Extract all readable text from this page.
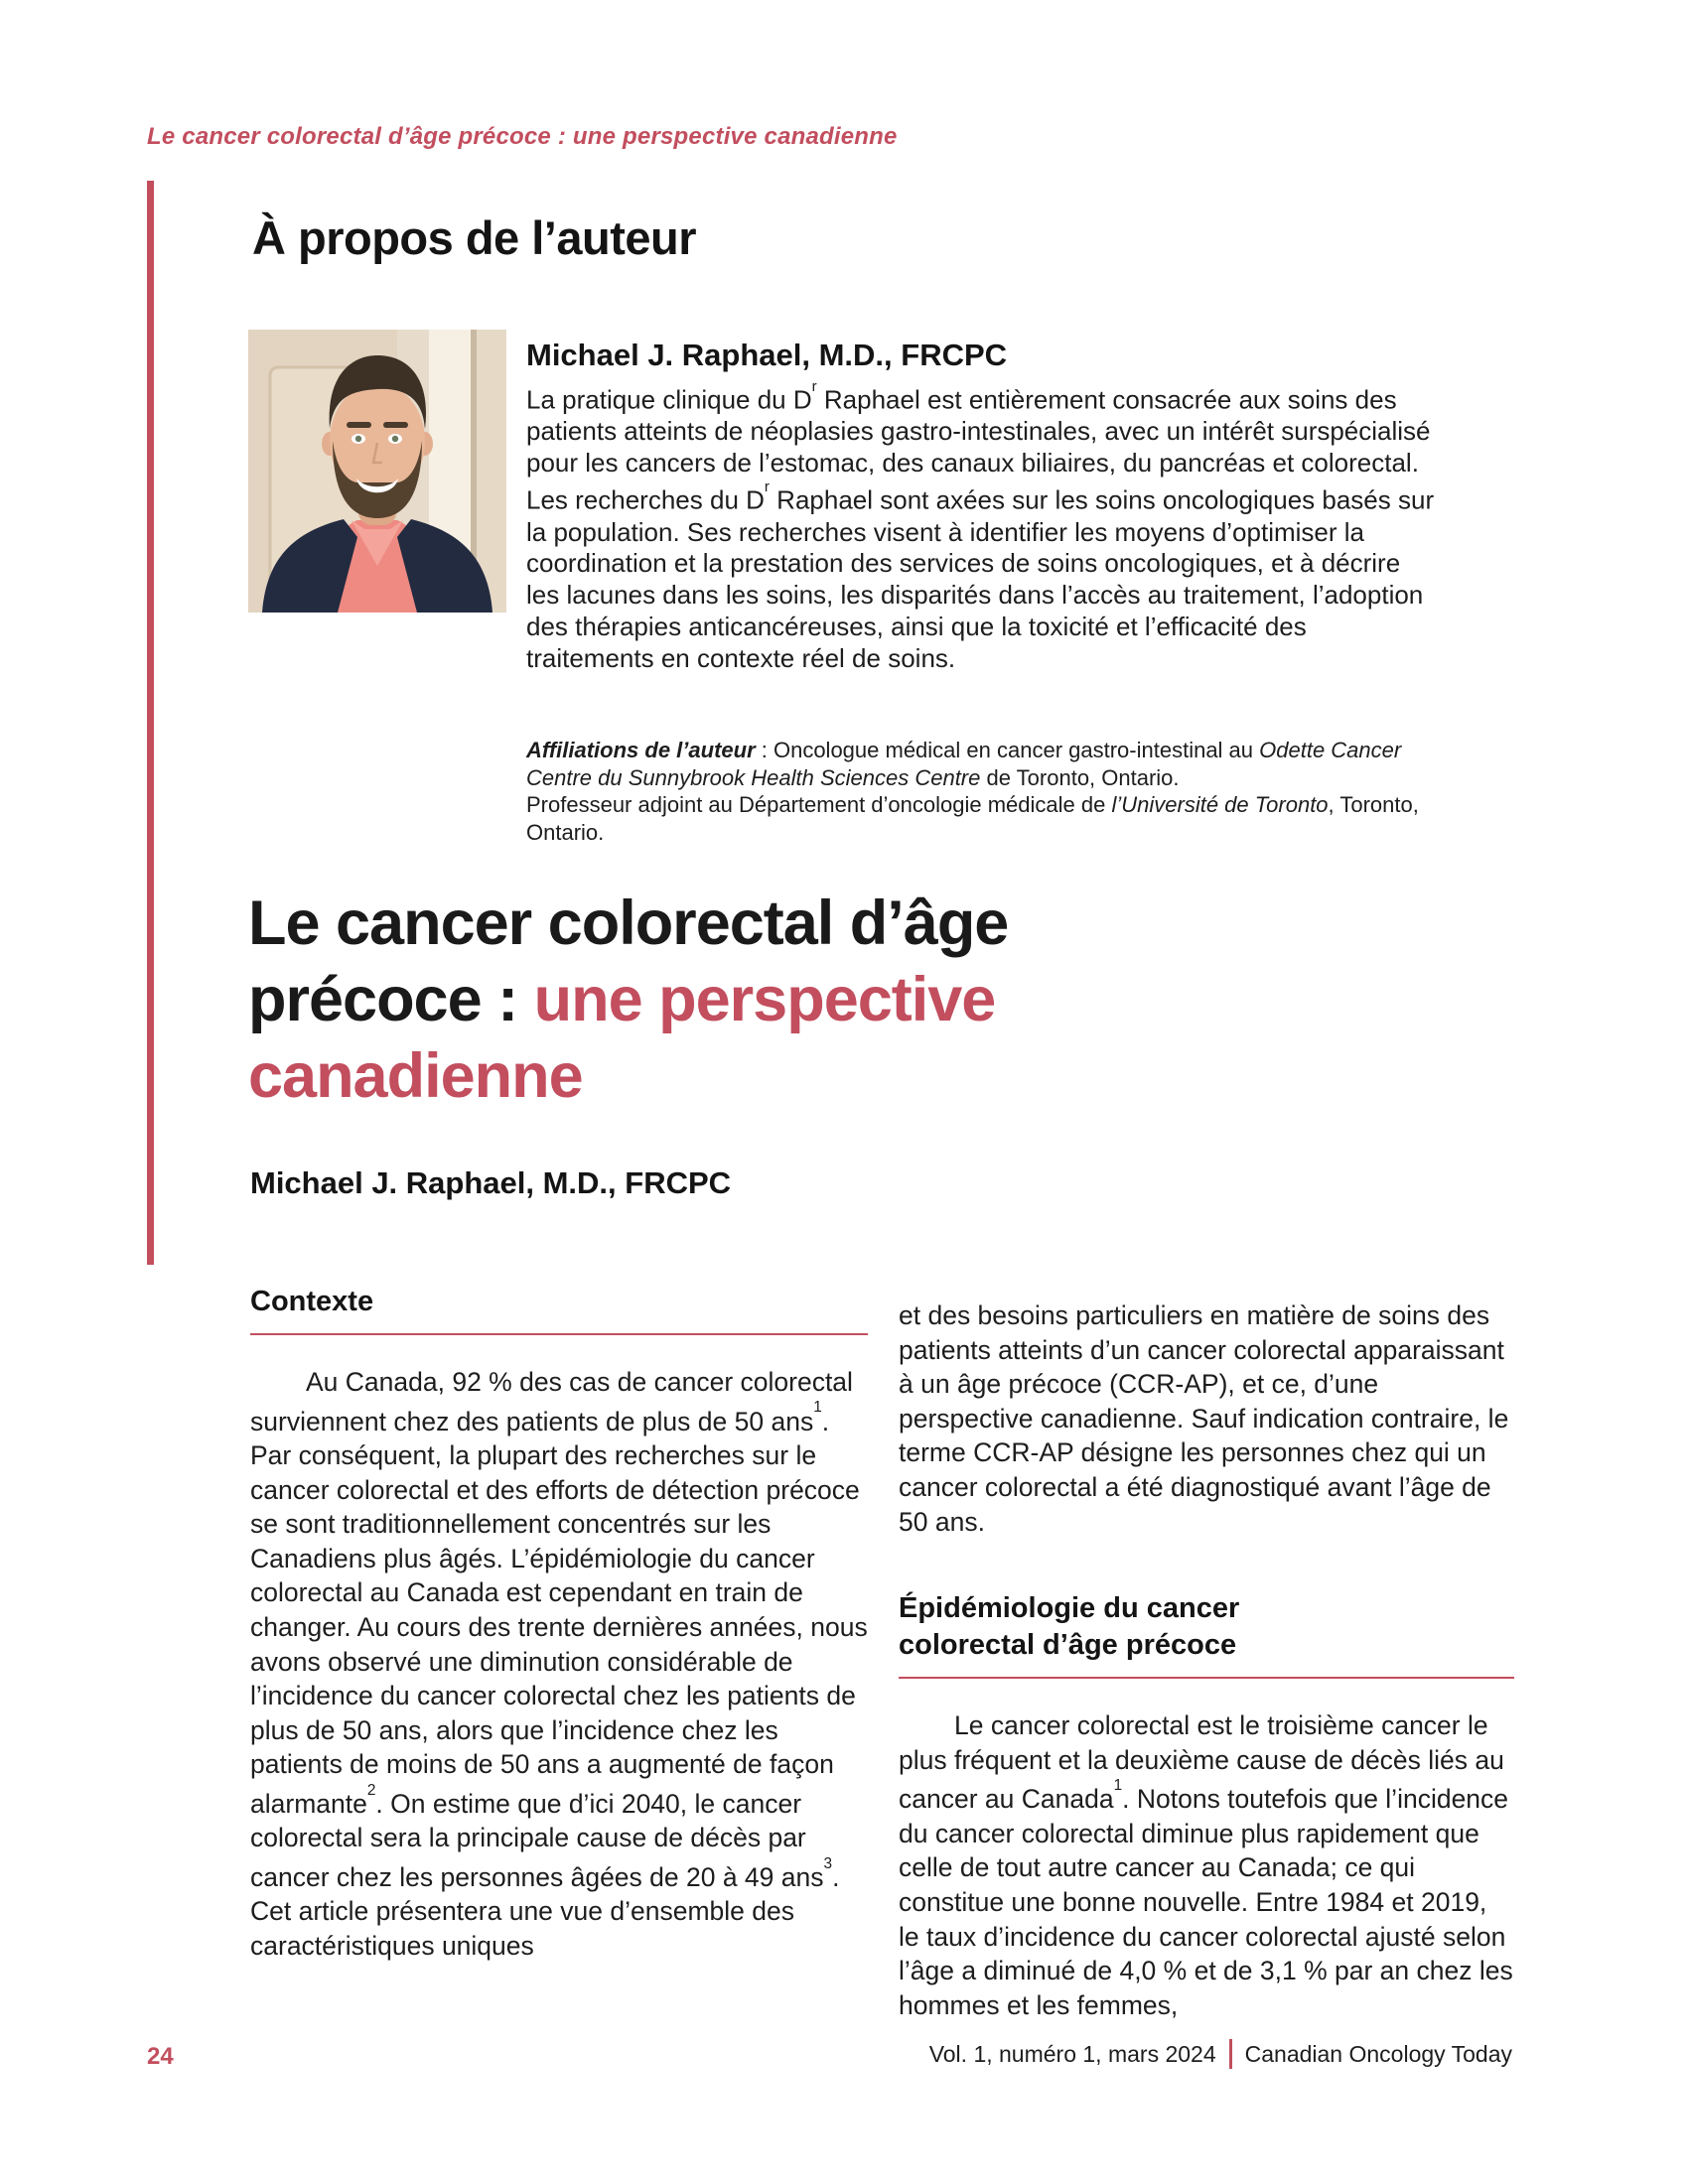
Le cancer colorectal d’âge précoce : une perspective canadienne
À propos de l’auteur
Michael J. Raphael, M.D., FRCPC

La pratique clinique du $D^r$ Raphael est entièrement consacrée aux soins des patients atteints de néoplasies gastro-intestinales, avec un intérêt surspécialisé pour les cancers de l’estomac, des canaux biliaires, du pancréas et colorectal. Les recherches du $D^r$ Raphael sont axées sur les soins oncologiques basés sur la population. Ses recherches visent à identifier les moyens d’optimiser la coordination et la prestation des services de soins oncologiques, et à décrire les lacunes dans les soins, les disparités dans l’accès au traitement, l’adoption des thérapies anticancéreuses, ainsi que la toxicité et l’efficacité des traitements en contexte réel de soins.

Affiliations de l’auteur : Oncologue médical en cancer gastro-intestinal au Odette Cancer Centre du Sunnybrook Health Sciences Centre de Toronto, Ontario.
Professeur adjoint au Département d’oncologie médicale de l’Université de Toronto, Toronto, Ontario.

Le cancer colorectal d’âge précoce : une perspective canadienne
Michael J. Raphael, M.D., FRCPC
Contexte

Au Canada, 92 % des cas de cancer colorectal surviennent chez des patients de plus de 50 ans$^1$. Par conséquent, la plupart des recherches sur le cancer colorectal et des efforts de détection précoce se sont traditionnellement concentrés sur les Canadiens plus âgés. L’épidémiologie du cancer colorectal au Canada est cependant en train de changer. Au cours des trente dernières années, nous avons observé une diminution considérable de l’incidence du cancer colorectal chez les patients de plus de 50 ans, alors que l’incidence chez les patients de moins de 50 ans a augmenté de façon alarmante$^2$. On estime que d’ici 2040, le cancer colorectal sera la principale cause de décès par cancer chez les personnes âgées de 20 à 49 ans$^3$. Cet article présentera une vue d’ensemble des caractéristiques uniques

et des besoins particuliers en matière de soins des patients atteints d’un cancer colorectal apparaissant à un âge précoce (CCR-AP), et ce, d’une perspective canadienne. Sauf indication contraire, le terme CCR-AP désigne les personnes chez qui un cancer colorectal a été diagnostiqué avant l’âge de 50 ans.

Épidémiologie du cancer colorectal d’âge précoce

Le cancer colorectal est le troisième cancer le plus fréquent et la deuxième cause de décès liés au cancer au Canada$^1$. Notons toutefois que l’incidence du cancer colorectal diminue plus rapidement que celle de tout autre cancer au Canada; ce qui constitue une bonne nouvelle. Entre 1984 et 2019, le taux d’incidence du cancer colorectal ajusté selon l’âge a diminué de 4,0 % et de 3,1 % par an chez les hommes et les femmes,

24	Vol. 1, numéro 1, mars 2024 Canadian Oncology Today
